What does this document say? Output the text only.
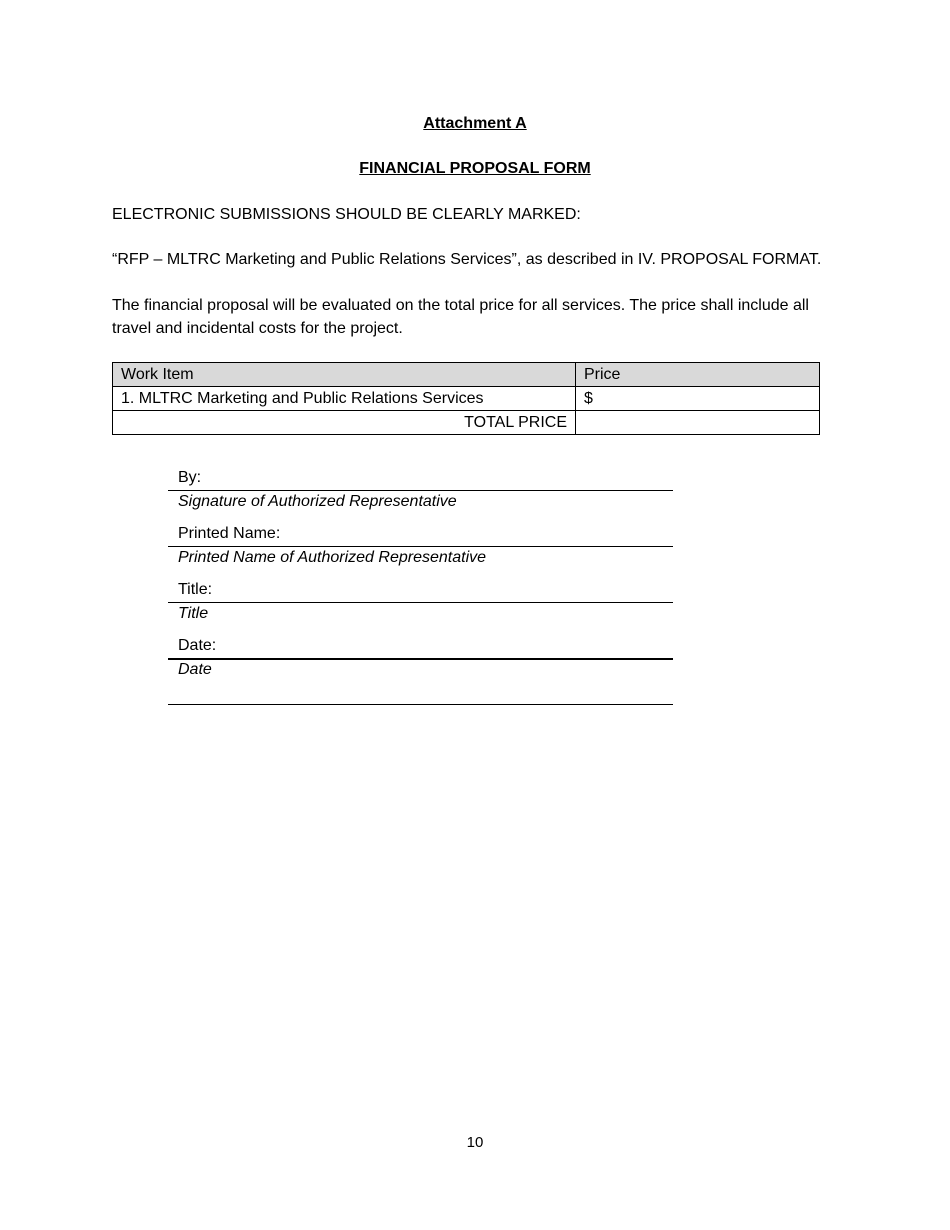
Attachment A
FINANCIAL PROPOSAL FORM

ELECTRONIC SUBMISSIONS SHOULD BE CLEARLY MARKED:

“RFP – MLTRC Marketing and Public Relations Services”, as described in IV. PROPOSAL FORMAT.

The financial proposal will be evaluated on the total price for all services. The price shall include all travel and incidental costs for the project.

Work Item	Price
1. MLTRC Marketing and Public Relations Services	$
TOTAL PRICE	
By:
Signature of Authorized Representative
Printed Name:
Printed Name of Authorized Representative
Title:
Title
Date:
Date
10
